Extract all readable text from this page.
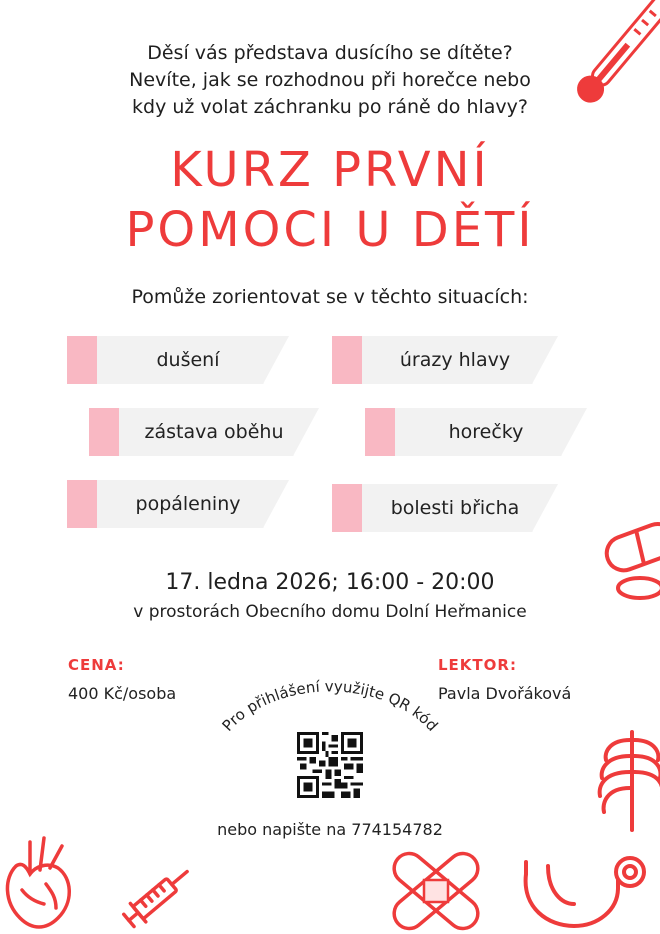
Děsí vás představa dusícího se dítěte?
Nevíte, jak se rozhodnou při horečce nebo
kdy už volat záchranku po ráně do hlavy?
KURZ PRVNÍ
POMOCI U DĚTÍ
Pomůže zorientovat se v těchto situacích:
dušení	úrazy hlavy
zástava oběhu	horečky
popáleniny	bolesti břicha
17. ledna 2026; 16:00 - 20:00
v prostorách Obecního domu Dolní Heřmanice
CENA:
400 Kč/osoba
LEKTOR:
Pavla Dvořáková
Pro přihlášení využijte QR kód
nebo napište na 774154782
